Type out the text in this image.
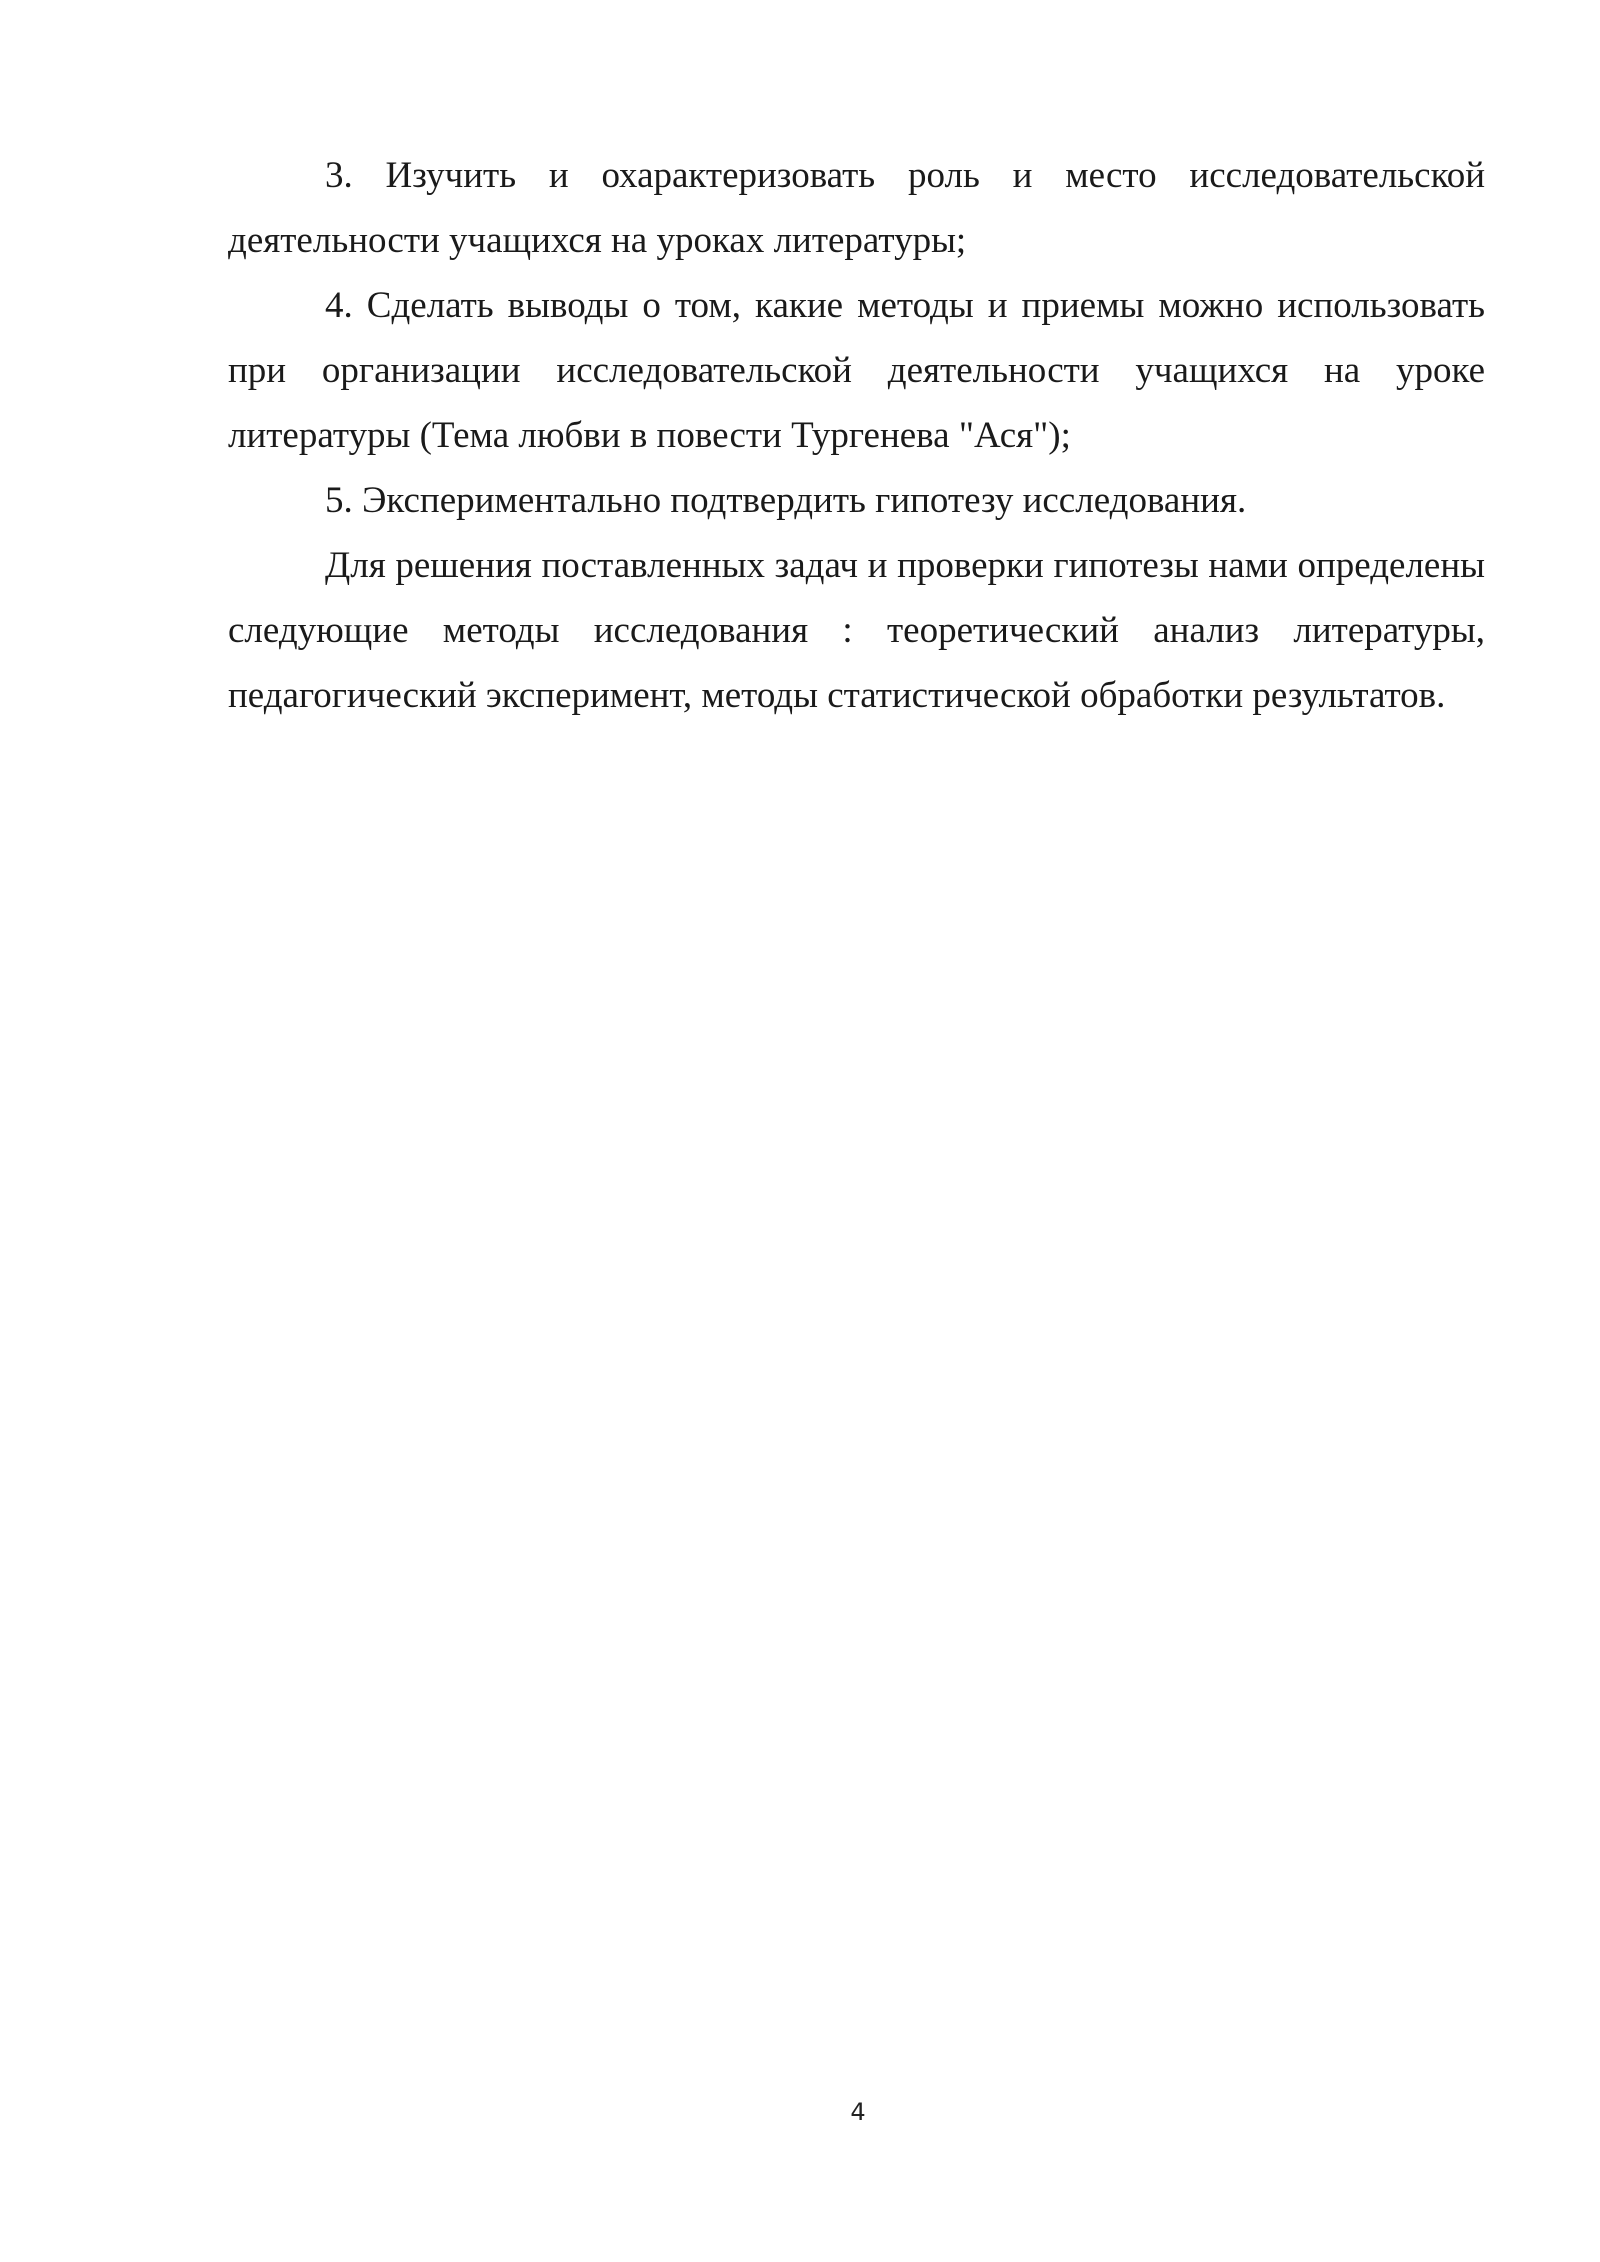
3. Изучить и охарактеризовать роль и место исследовательской деятельности учащихся на уроках литературы;

4. Сделать выводы о том, какие методы и приемы можно использовать при организации исследовательской деятельности учащихся на уроке литературы (Тема любви в повести Тургенева "Ася");

5. Экспериментально подтвердить гипотезу исследования.

Для решения поставленных задач и проверки гипотезы нами определены следующие методы исследования : теоретический анализ литературы, педагогический эксперимент, методы статистической обработки результатов.

4
